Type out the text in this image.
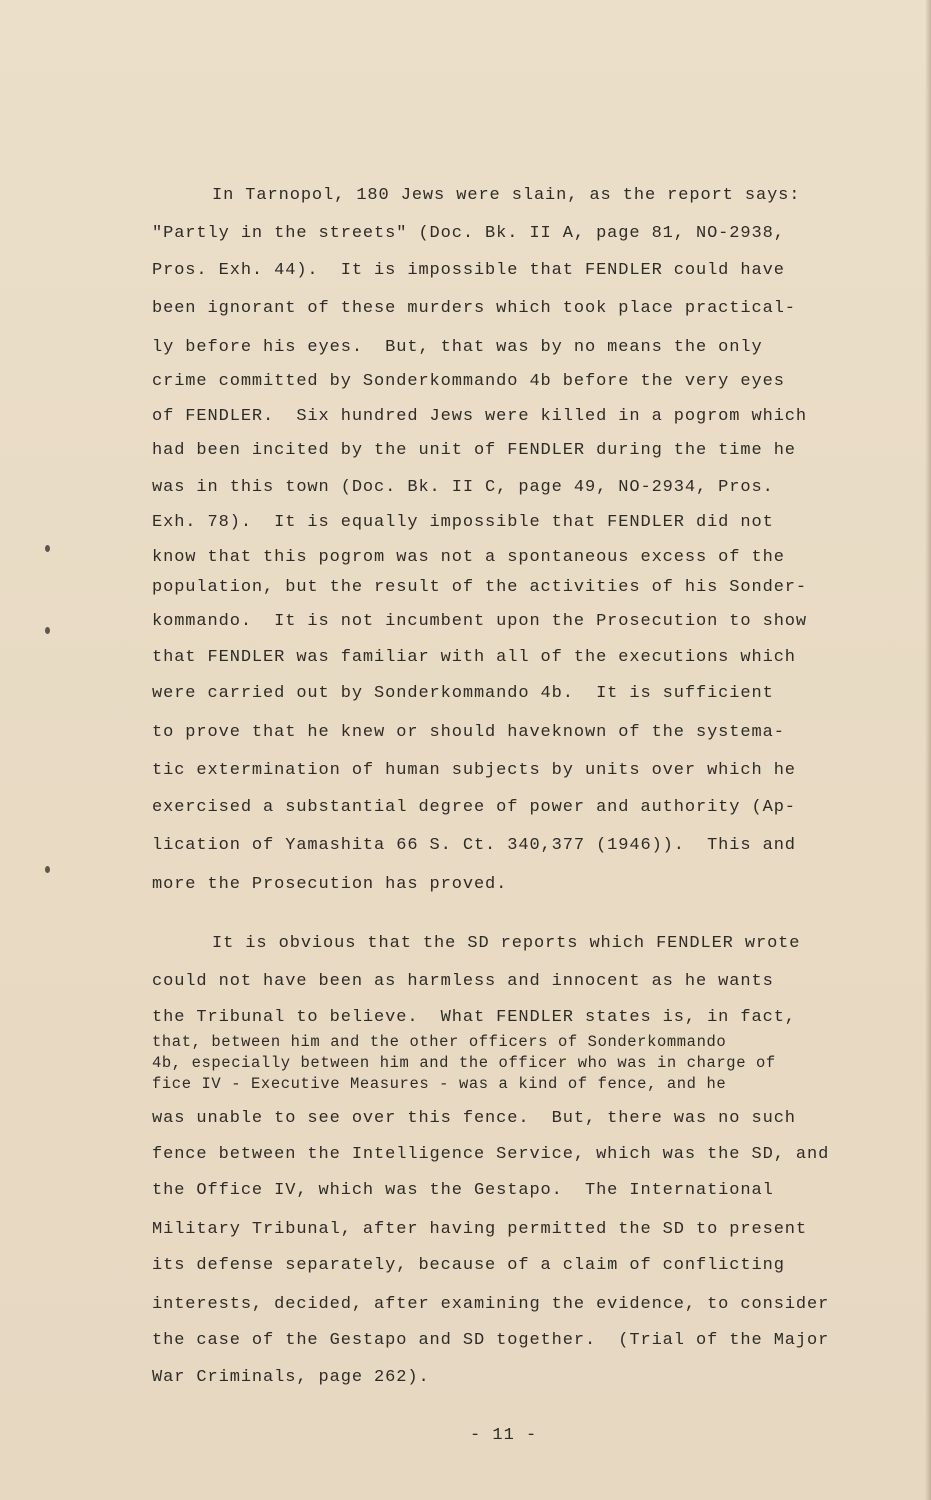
In Tarnopol, 180 Jews were slain, as the report says:
"Partly in the streets" (Doc. Bk. II A, page 81, NO-2938,
Pros. Exh. 44).  It is impossible that FENDLER could have
been ignorant of these murders which took place practical-
ly before his eyes.  But, that was by no means the only
crime committed by Sonderkommando 4b before the very eyes
of FENDLER.  Six hundred Jews were killed in a pogrom which
had been incited by the unit of FENDLER during the time he
was in this town (Doc. Bk. II C, page 49, NO-2934, Pros.
Exh. 78).  It is equally impossible that FENDLER did not
know that this pogrom was not a spontaneous excess of the
population, but the result of the activities of his Sonder-
kommando.  It is not incumbent upon the Prosecution to show
that FENDLER was familiar with all of the executions which
were carried out by Sonderkommando 4b.  It is sufficient
to prove that he knew or should haveknown of the systema-
tic extermination of human subjects by units over which he
exercised a substantial degree of power and authority (Ap-
lication of Yamashita 66 S. Ct. 340,377 (1946)).  This and
more the Prosecution has proved.
It is obvious that the SD reports which FENDLER wrote
could not have been as harmless and innocent as he wants
the Tribunal to believe.  What FENDLER states is, in fact,
that, between him and the other officers of Sonderkommando
4b, especially between him and the officer who was in charge of
fice IV - Executive Measures - was a kind of fence, and he
was unable to see over this fence.  But, there was no such
fence between the Intelligence Service, which was the SD, and
the Office IV, which was the Gestapo.  The International
Military Tribunal, after having permitted the SD to present
its defense separately, because of a claim of conflicting
interests, decided, after examining the evidence, to consider
the case of the Gestapo and SD together.  (Trial of the Major
War Criminals, page 262).
- 11 -
